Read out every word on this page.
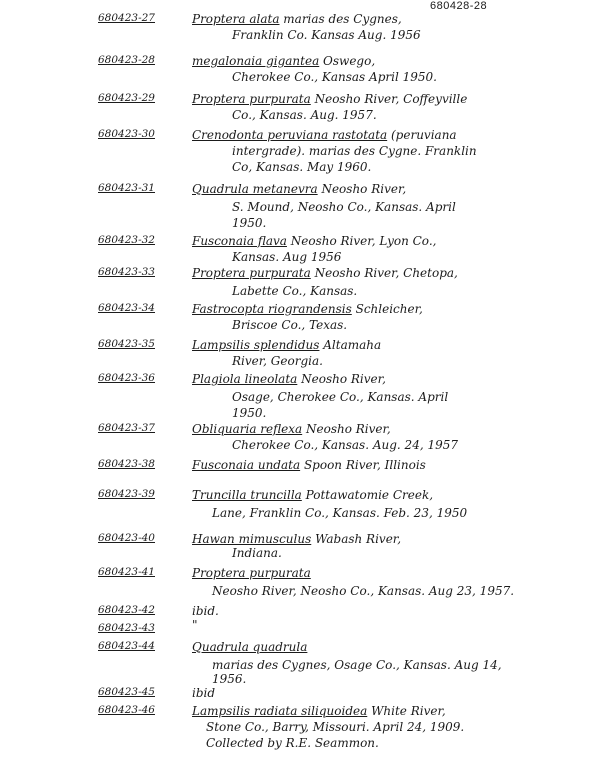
680428-28
680423-27	Proptera alata marias des Cygnes,
Franklin Co. Kansas Aug. 1956
680423-28	megalonaia gigantea Oswego,
Cherokee Co., Kansas April 1950.
680423-29	Proptera purpurata Neosho River, Coffeyville
Co., Kansas. Aug. 1957.
680423-30	Crenodonta peruviana rastotata (peruviana
intergrade). marias des Cygne. Franklin
Co, Kansas. May 1960.
680423-31	Quadrula metanevra Neosho River,
S. Mound, Neosho Co., Kansas. April
1950.
680423-32	Fusconaia flava Neosho River, Lyon Co.,
Kansas. Aug 1956
680423-33	Proptera purpurata Neosho River, Chetopa,
Labette Co., Kansas.
680423-34	Fastrocopta riograndensis Schleicher,
Briscoe Co., Texas.
680423-35	Lampsilis splendidus Altamaha
River, Georgia.
680423-36	Plagiola lineolata Neosho River,
Osage, Cherokee Co., Kansas. April
1950.
680423-37	Obliquaria reflexa Neosho River,
Cherokee Co., Kansas. Aug. 24, 1957
680423-38	Fusconaia undata Spoon River, Illinois
680423-39	Truncilla truncilla Pottawatomie Creek,
Lane, Franklin Co., Kansas. Feb. 23, 1950
680423-40	Hawan mimusculus Wabash River,
Indiana.
680423-41	Proptera purpurata
Neosho River, Neosho Co., Kansas. Aug 23, 1957.
680423-42	ibid.
680423-43	"
680423-44	Quadrula quadrula
marias des Cygnes, Osage Co., Kansas. Aug 14,
1956.
680423-45	ibid
680423-46	Lampsilis radiata siliquoidea White River,
Stone Co., Barry, Missouri. April 24, 1909.
Collected by R.E. Seammon.
